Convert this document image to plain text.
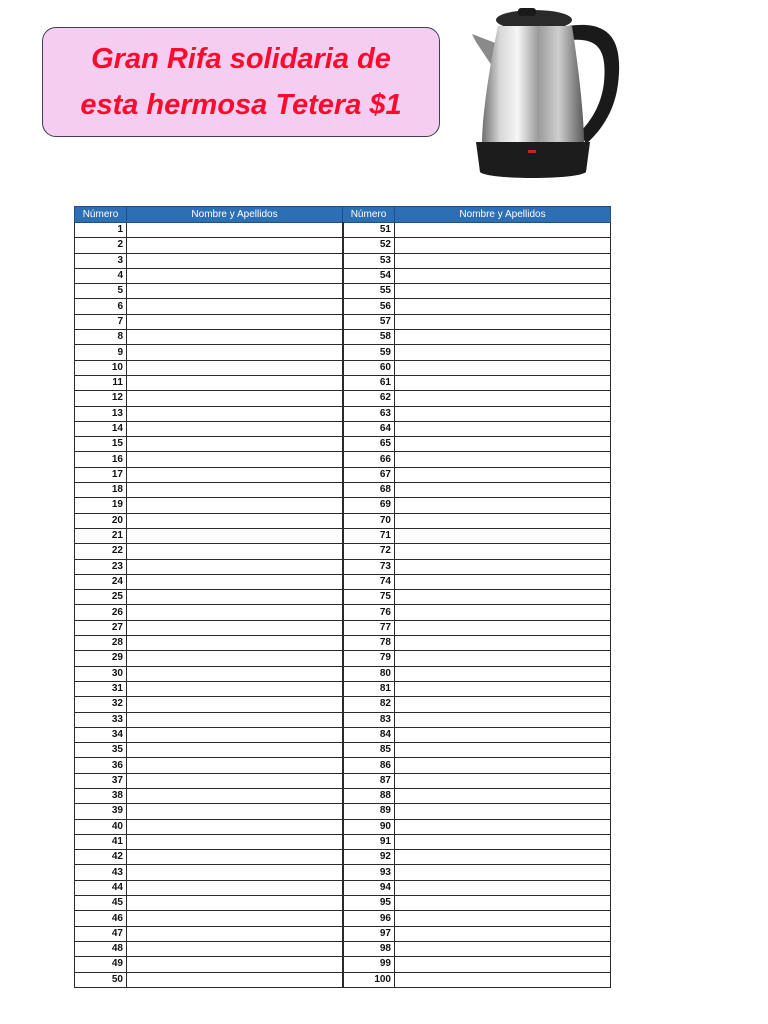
Gran Rifa solidaria de
esta hermosa Tetera $1
Número	Nombre y Apellidos	Número	Nombre y Apellidos
1		51	
2		52	
3		53	
4		54	
5		55	
6		56	
7		57	
8		58	
9		59	
10		60	
11		61	
12		62	
13		63	
14		64	
15		65	
16		66	
17		67	
18		68	
19		69	
20		70	
21		71	
22		72	
23		73	
24		74	
25		75	
26		76	
27		77	
28		78	
29		79	
30		80	
31		81	
32		82	
33		83	
34		84	
35		85	
36		86	
37		87	
38		88	
39		89	
40		90	
41		91	
42		92	
43		93	
44		94	
45		95	
46		96	
47		97	
48		98	
49		99	
50		100	
